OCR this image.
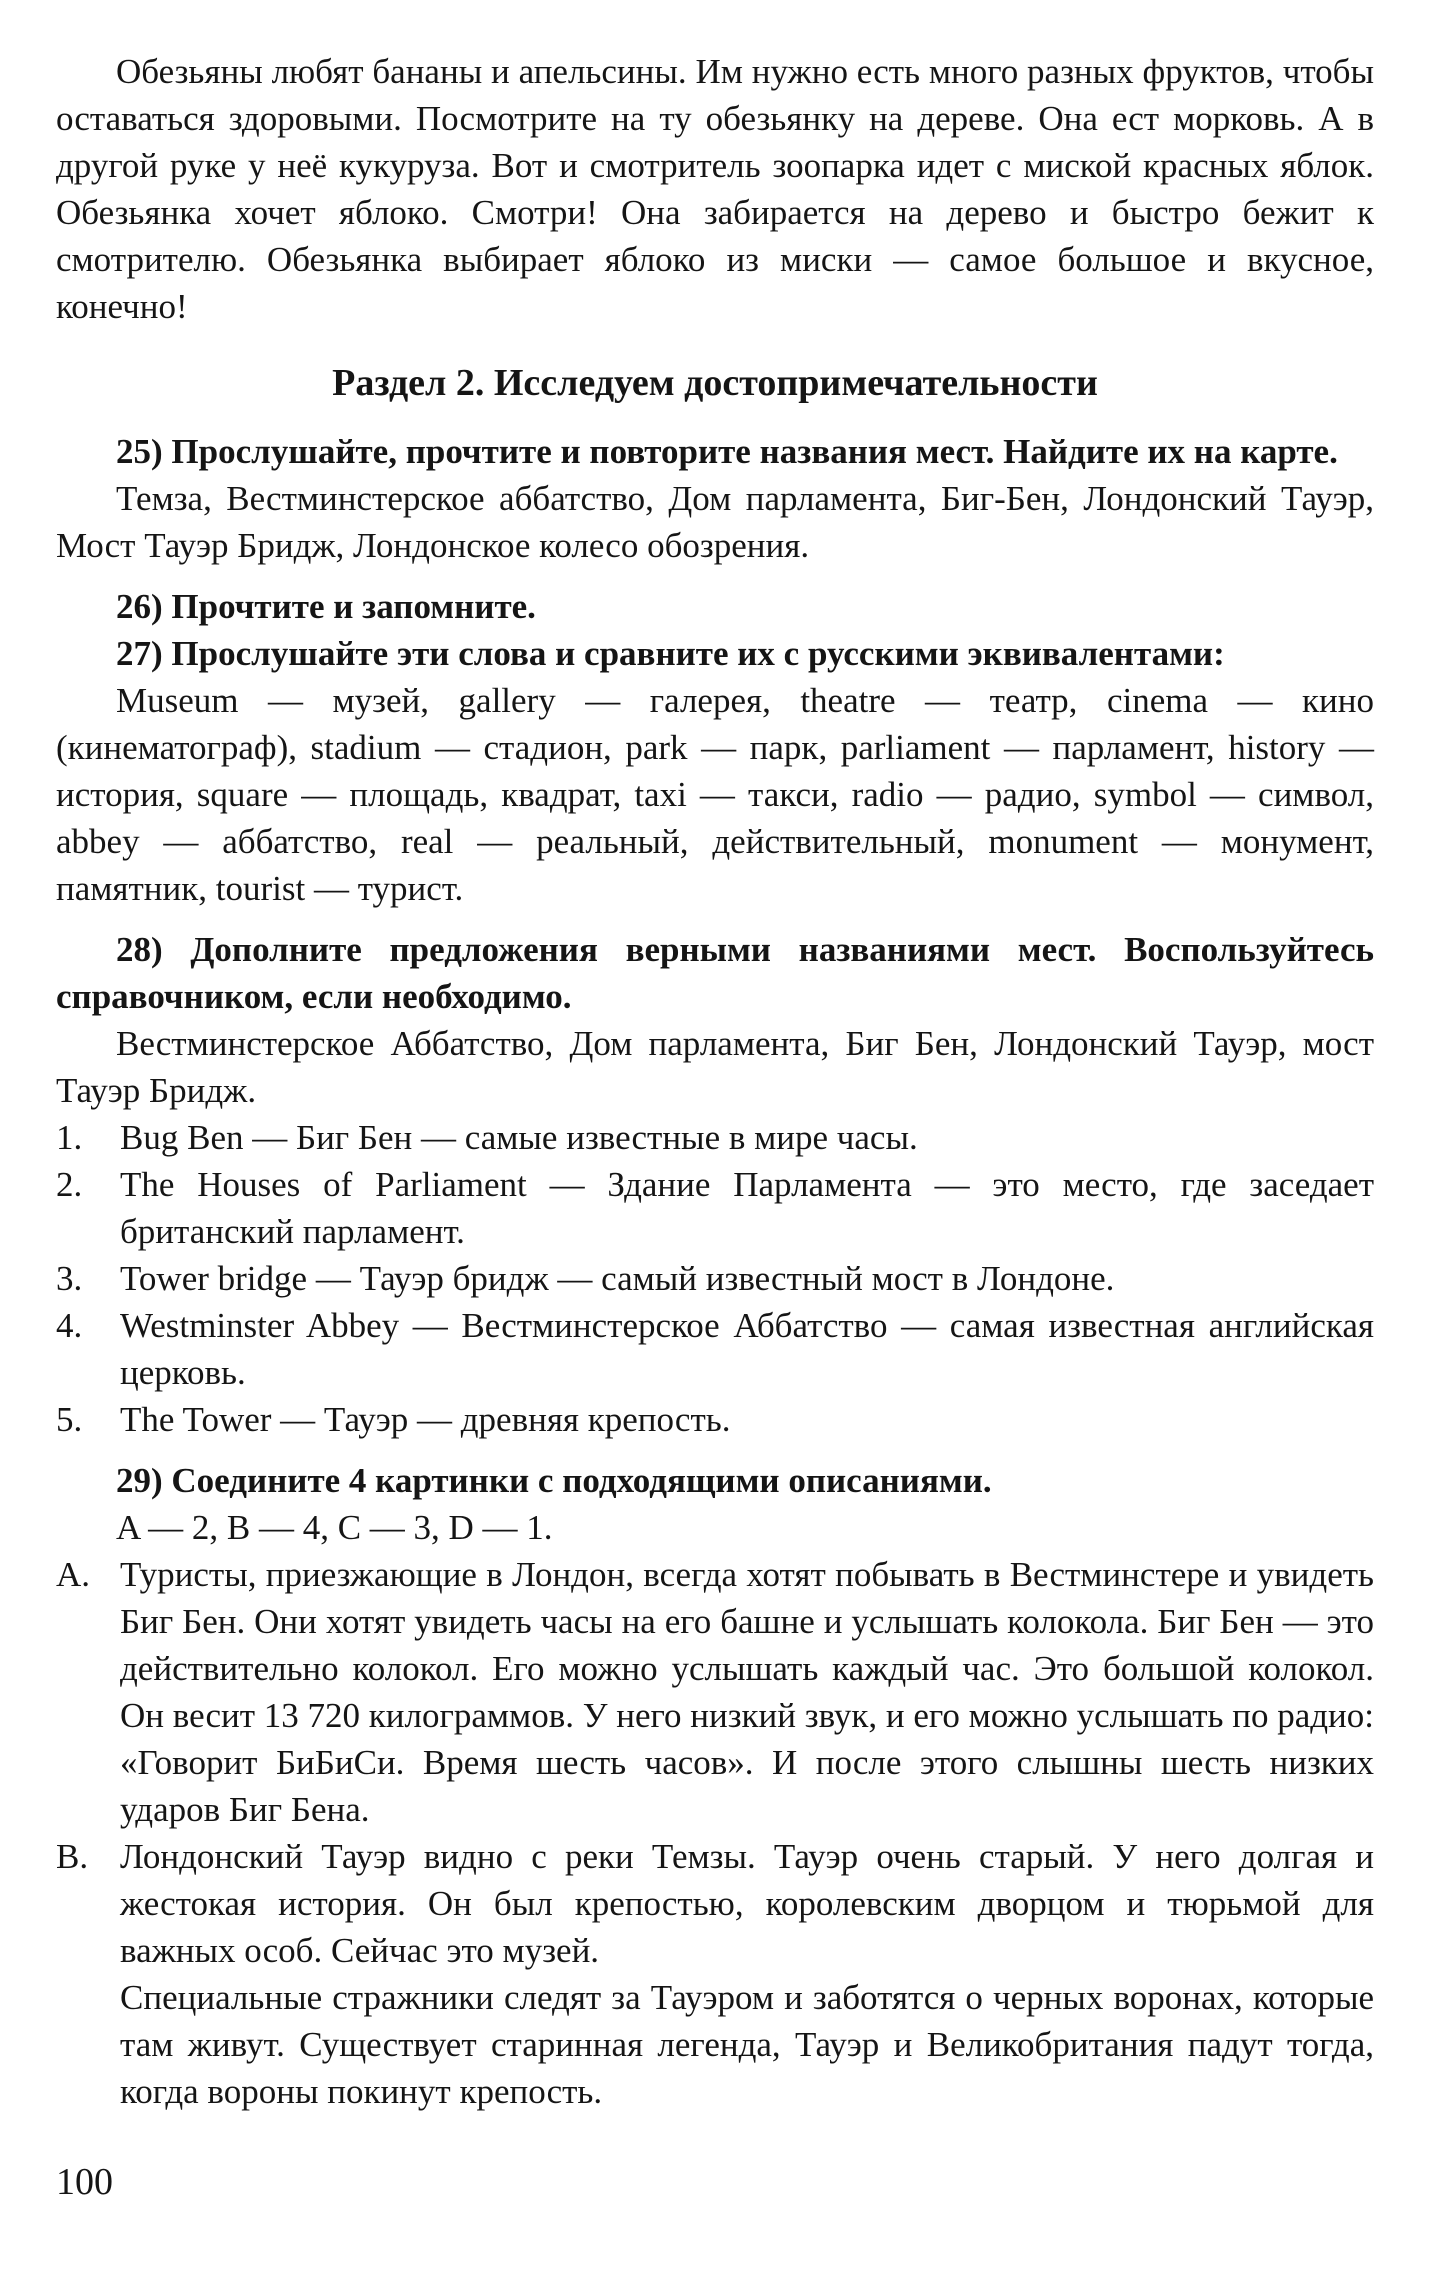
Обезьяны любят бананы и апельсины. Им нужно есть много разных фруктов, чтобы оставаться здоровыми. Посмотрите на ту обезьянку на дереве. Она ест морковь. А в другой руке у неё кукуруза. Вот и смотритель зоопарка идет с миской красных яблок. Обезьянка хочет яблоко. Смотри! Она забирается на дерево и быстро бежит к смотрителю. Обезьянка выбирает яблоко из миски — самое большое и вкусное, конечно!

Раздел 2. Исследуем достопримечательности

25) Прослушайте, прочтите и повторите названия мест. Найдите их на карте.

Темза, Вестминстерское аббатство, Дом парламента, Биг-Бен, Лондонский Тауэр, Мост Тауэр Бридж, Лондонское колесо обозрения.

26) Прочтите и запомните.

27) Прослушайте эти слова и сравните их с русскими эквивалентами:

Museum — музей, gallery — галерея, theatre — театр, cinema — кино (кинематограф), stadium — стадион, park — парк, parliament — парламент, history — история, square — площадь, квадрат, taxi — такси, radio — радио, symbol — символ, abbey — аббатство, real — реальный, действительный, monument — монумент, памятник, tourist — турист.

28) Дополните предложения верными названиями мест. Воспользуйтесь справочником, если необходимо.

Вестминстерское Аббатство, Дом парламента, Биг Бен, Лондонский Тауэр, мост Тауэр Бридж.

1.	Bug Ben — Биг Бен — самые известные в мире часы.
2.	The Houses of Parliament — Здание Парламента — это место, где заседает британский парламент.
3.	Tower bridge — Тауэр бридж — самый известный мост в Лондоне.
4.	Westminster Abbey — Вестминстерское Аббатство — самая известная английская церковь.
5.	The Tower — Тауэр — древняя крепость.

29) Соедините 4 картинки с подходящими описаниями.

A — 2, B — 4, C — 3, D — 1.

A. Туристы, приезжающие в Лондон, всегда хотят побывать в Вестминстере и увидеть Биг Бен. Они хотят увидеть часы на его башне и услышать колокола. Биг Бен — это действительно колокол. Его можно услышать каждый час. Это большой колокол. Он весит 13 720 килограммов. У него низкий звук, и его можно услышать по радио: «Говорит БиБиСи. Время шесть часов». И после этого слышны шесть низких ударов Биг Бена.
B. Лондонский Тауэр видно с реки Темзы. Тауэр очень старый. У него долгая и жестокая история. Он был крепостью, королевским дворцом и тюрьмой для важных особ. Сейчас это музей.

Специальные стражники следят за Тауэром и заботятся о черных воронах, которые там живут. Существует старинная легенда, Тауэр и Великобритания падут тогда, когда вороны покинут крепость.

100
